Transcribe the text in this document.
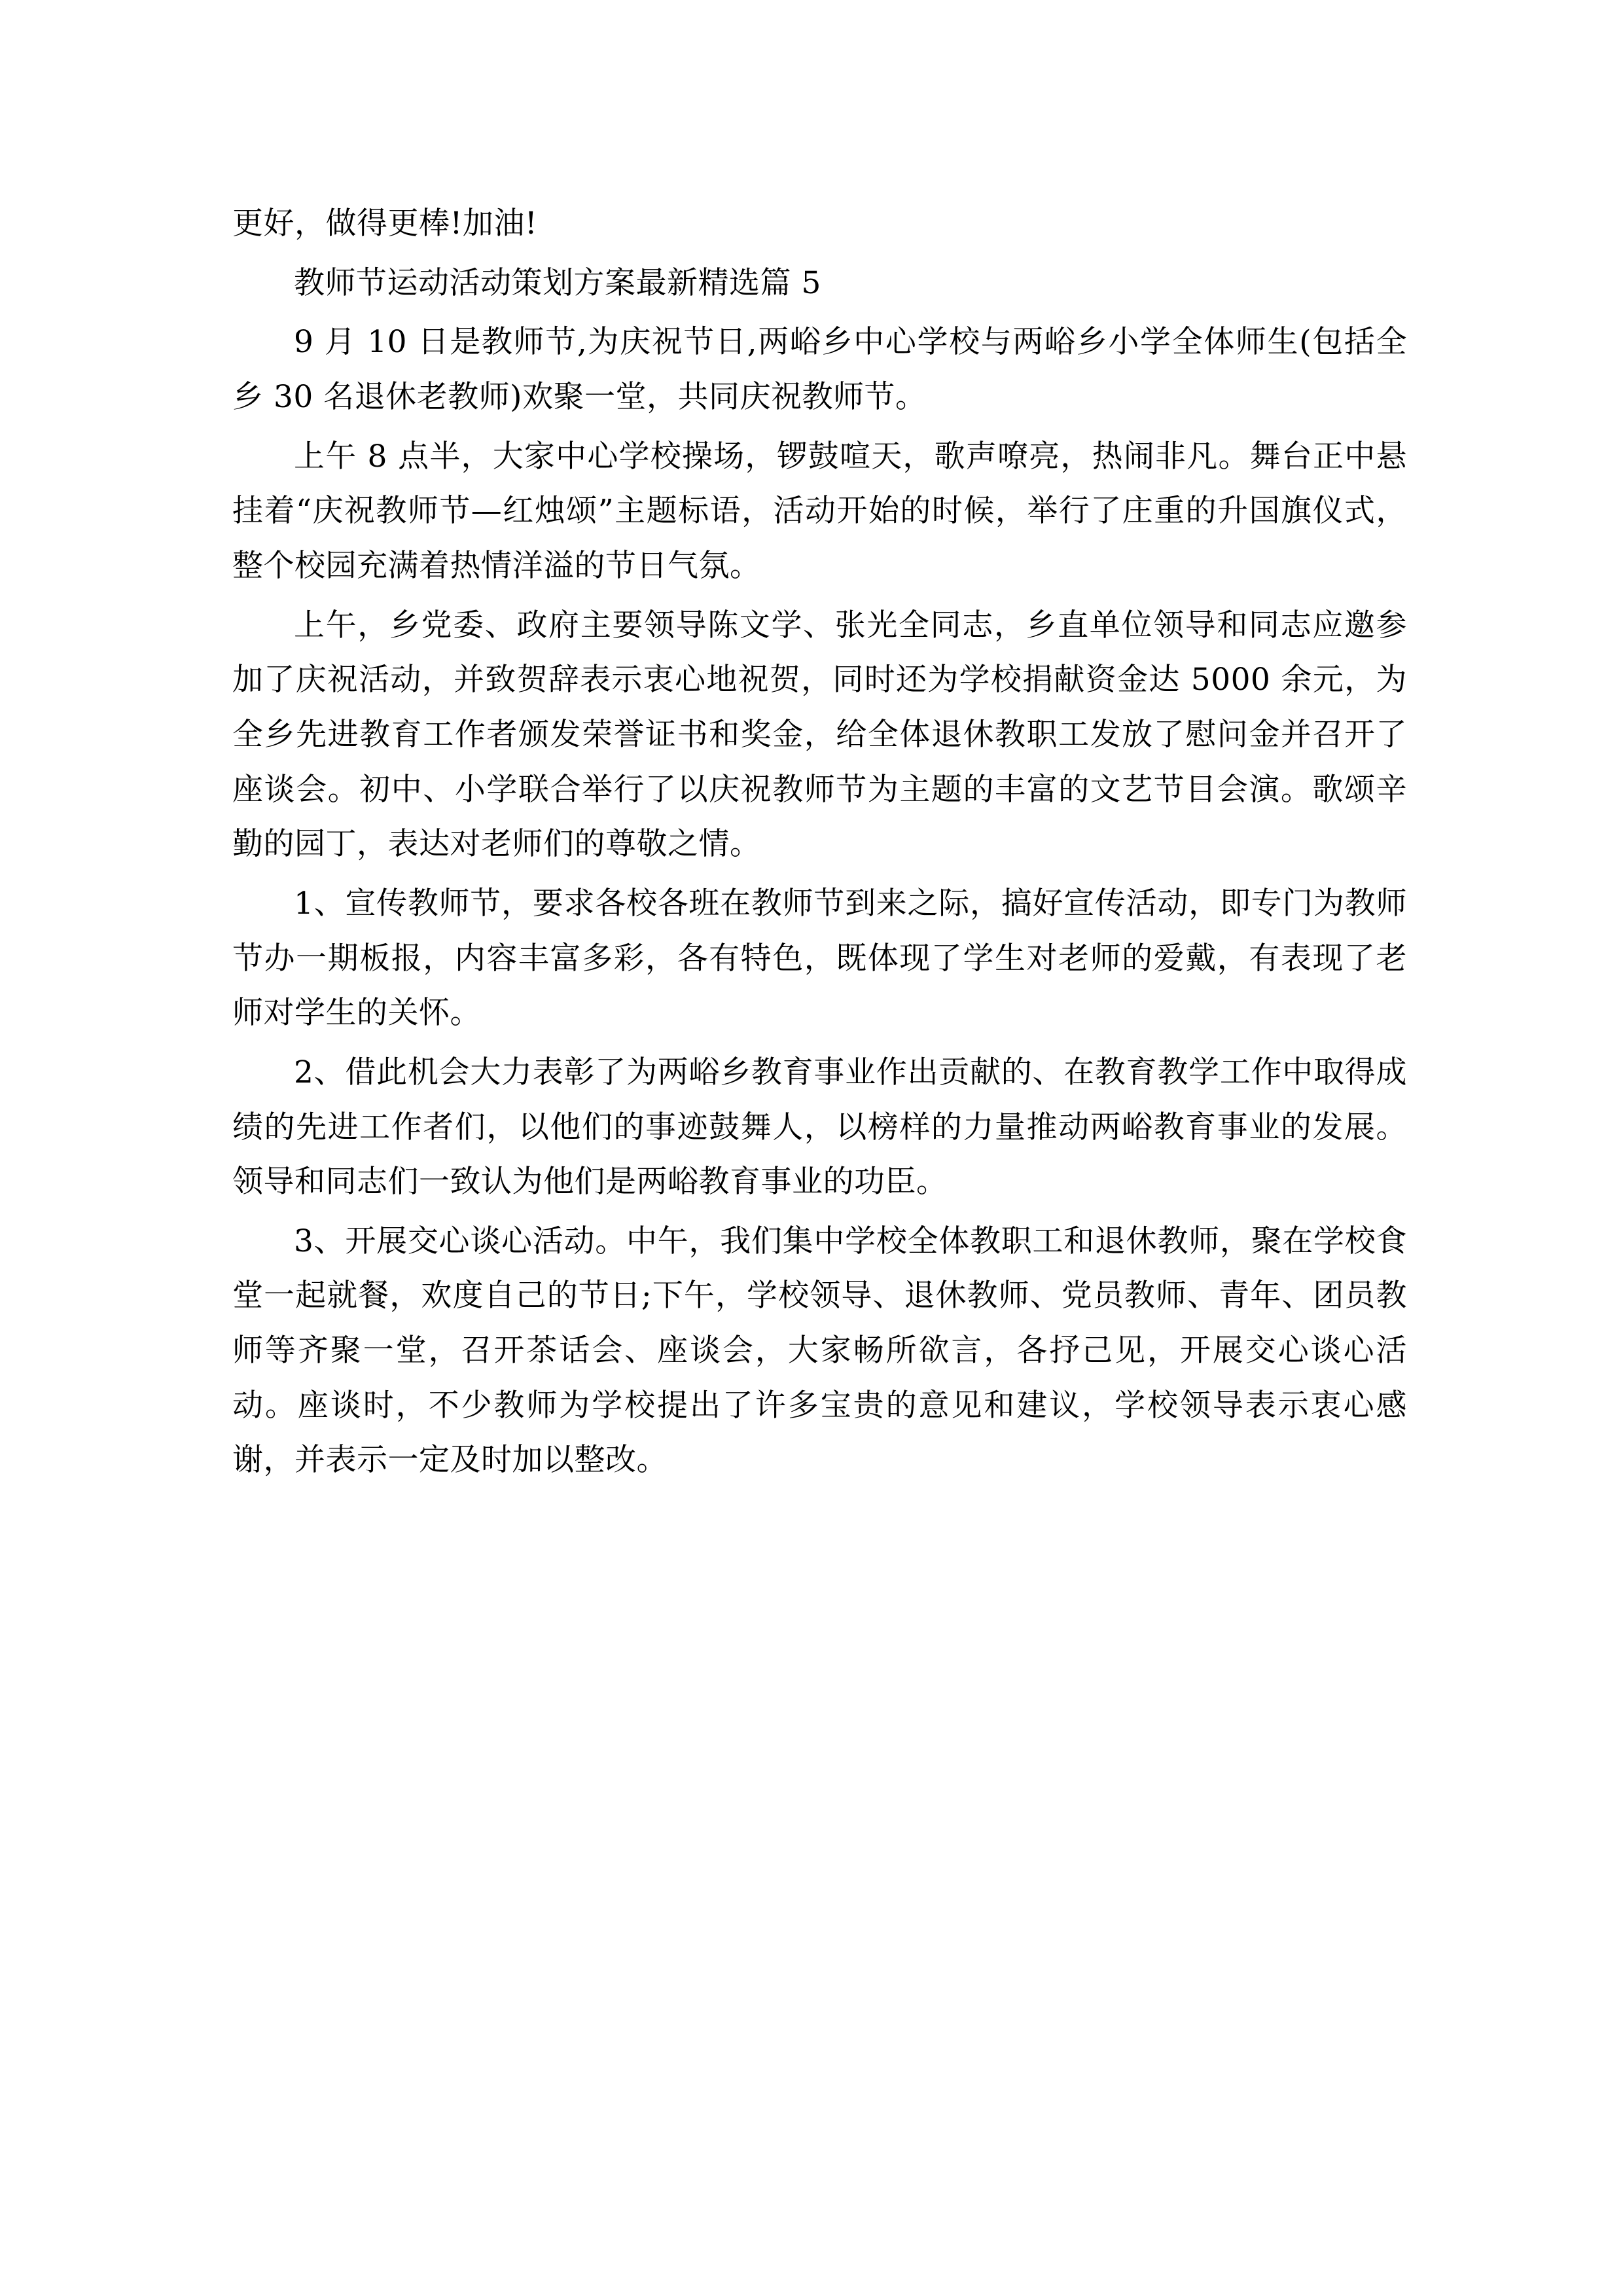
更好，做得更棒!加油!

教师节运动活动策划方案最新精选篇 5

9 月 10 日是教师节,为庆祝节日,两峪乡中心学校与两峪乡小学全体师生(包括全乡 30 名退休老教师)欢聚一堂，共同庆祝教师节。

上午 8 点半，大家中心学校操场，锣鼓喧天，歌声嘹亮，热闹非凡。舞台正中悬挂着“庆祝教师节—红烛颂”主题标语，活动开始的时候，举行了庄重的升国旗仪式，整个校园充满着热情洋溢的节日气氛。

上午，乡党委、政府主要领导陈文学、张光全同志，乡直单位领导和同志应邀参加了庆祝活动，并致贺辞表示衷心地祝贺，同时还为学校捐献资金达 5000 余元，为全乡先进教育工作者颁发荣誉证书和奖金，给全体退休教职工发放了慰问金并召开了座谈会。初中、小学联合举行了以庆祝教师节为主题的丰富的文艺节目会演。歌颂辛勤的园丁，表达对老师们的尊敬之情。

1、宣传教师节，要求各校各班在教师节到来之际，搞好宣传活动，即专门为教师节办一期板报，内容丰富多彩，各有特色，既体现了学生对老师的爱戴，有表现了老师对学生的关怀。

2、借此机会大力表彰了为两峪乡教育事业作出贡献的、在教育教学工作中取得成绩的先进工作者们，以他们的事迹鼓舞人，以榜样的力量推动两峪教育事业的发展。领导和同志们一致认为他们是两峪教育事业的功臣。

3、开展交心谈心活动。中午，我们集中学校全体教职工和退休教师，聚在学校食堂一起就餐，欢度自己的节日;下午，学校领导、退休教师、党员教师、青年、团员教师等齐聚一堂，召开茶话会、座谈会，大家畅所欲言，各抒己见，开展交心谈心活动。座谈时，不少教师为学校提出了许多宝贵的意见和建议，学校领导表示衷心感谢，并表示一定及时加以整改。
